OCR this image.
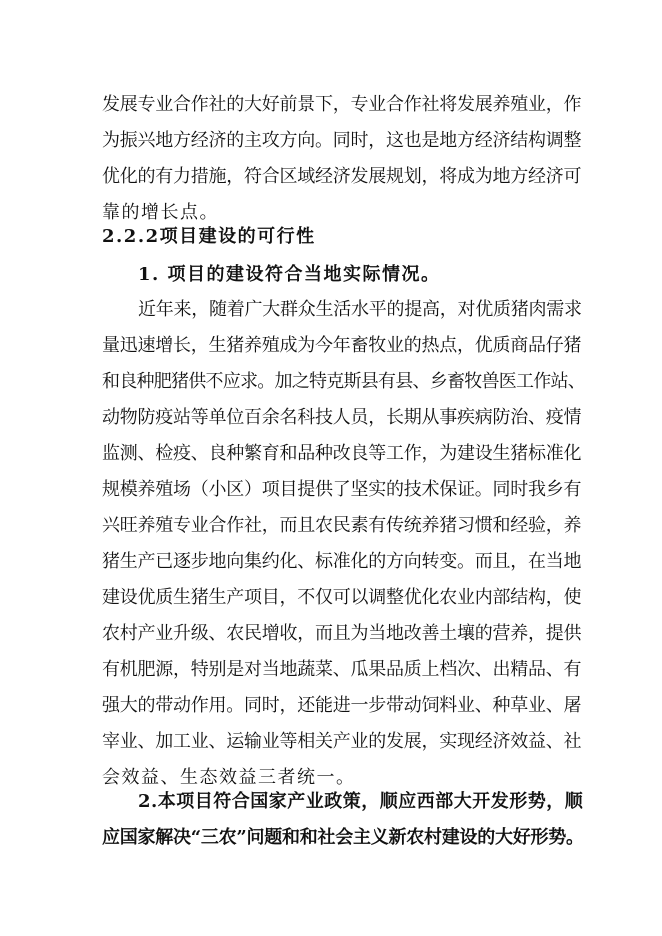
发展专业合作社的大好前景下，专业合作社将发展养殖业，作
为振兴地方经济的主攻方向。同时，这也是地方经济结构调整
优化的有力措施，符合区域经济发展规划，将成为地方经济可
靠的增长点。
2.2.2项目建设的可行性
1. 项目的建设符合当地实际情况。
近年来，随着广大群众生活水平的提高，对优质猪肉需求
量迅速增长，生猪养殖成为今年畜牧业的热点，优质商品仔猪
和良种肥猪供不应求。加之特克斯县有县、乡畜牧兽医工作站、
动物防疫站等单位百余名科技人员，长期从事疾病防治、疫情
监测、检疫、良种繁育和品种改良等工作，为建设生猪标准化
规模养殖场（小区）项目提供了坚实的技术保证。同时我乡有
兴旺养殖专业合作社，而且农民素有传统养猪习惯和经验，养
猪生产已逐步地向集约化、标准化的方向转变。而且，在当地
建设优质生猪生产项目，不仅可以调整优化农业内部结构，使
农村产业升级、农民增收，而且为当地改善土壤的营养，提供
有机肥源，特别是对当地蔬菜、瓜果品质上档次、出精品、有
强大的带动作用。同时，还能进一步带动饲料业、种草业、屠
宰业、加工业、运输业等相关产业的发展，实现经济效益、社
会效益、生态效益三者统一。
2.本项目符合国家产业政策，顺应西部大开发形势，顺
应国家解决“三农”问题和和社会主义新农村建设的大好形势。
